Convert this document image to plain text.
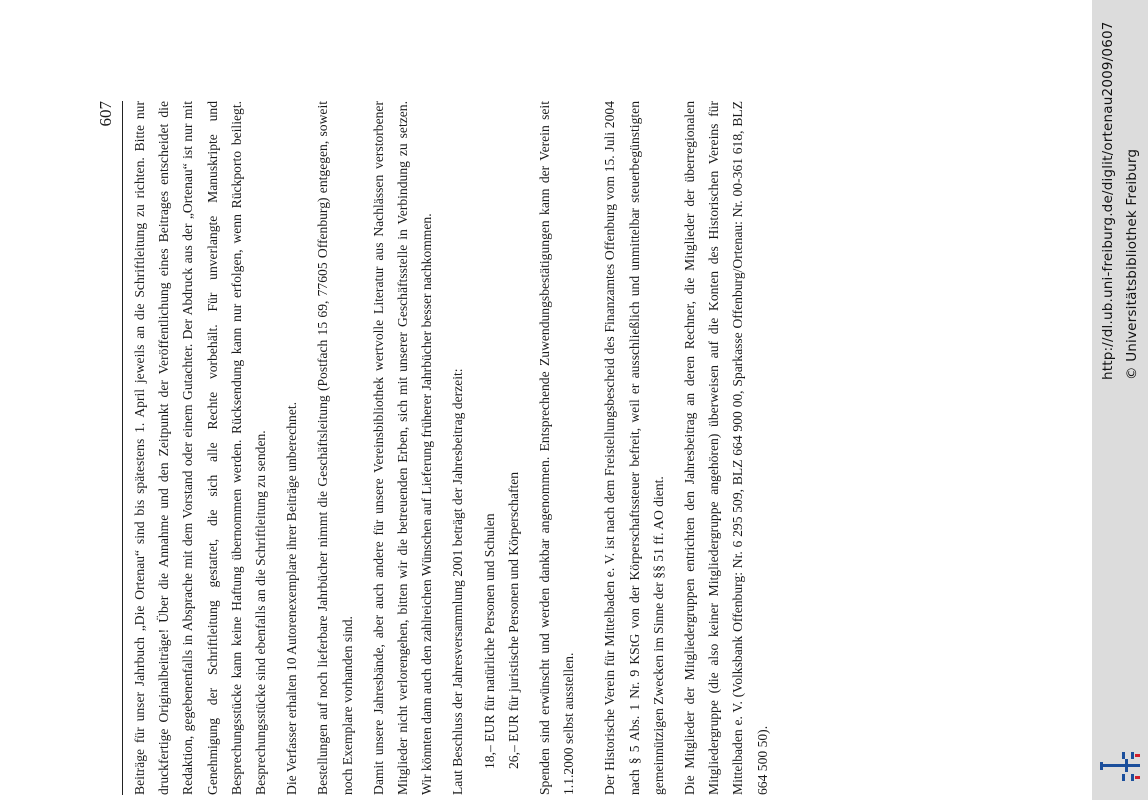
607 Beiträge für unser Jahrbuch „Die Ortenau“ sind bis spätestens 1. April jeweils an die Schriftleitung zu richten. Bitte nur druckfertige Originalbeiträge! Über die Annahme und den Zeitpunkt der Veröffentlichung eines Beitrages entscheidet die Redaktion, gegebenenfalls in Absprache mit dem Vorstand oder einem Gutachter. Der Abdruck aus der „Ortenau“ ist nur mit Genehmigung der Schriftleitung gestattet, die sich alle Rechte vorbehält. Für unverlangte Manuskripte und Besprechungsstücke kann keine Haftung übernommen werden. Rücksendung kann nur erfolgen, wenn Rückporto beiliegt. Besprechungsstücke sind ebenfalls an die Schriftleitung zu senden.	Die Verfasser erhalten 10 Autorenexemplare ihrer Beiträge unberechnet.	Bestellungen auf noch lieferbare Jahrbücher nimmt die Geschäftsleitung (Postfach 15 69, 77605 Offenburg) entgegen, soweit noch Exemplare vorhanden sind.	Damit unsere Jahresbände, aber auch andere für unsere Vereinsbibliothek wertvolle Literatur aus Nachlässen verstorbener Mitglieder nicht verlorengehen, bitten wir die betreuenden Erben, sich mit unserer Geschäftsstelle in Verbindung zu setzen. Wir könnten dann auch den zahlreichen Wünschen auf Lieferung früherer Jahrbücher besser nachkommen.	Laut Beschluss der Jahresversammlung 2001 beträgt der Jahresbeitrag derzeit:	18,– EUR für natürliche Personen und Schulen 26,– EUR für juristische Personen und Körperschaften	Spenden sind erwünscht und werden dankbar angenommen. Entsprechende Zuwendungsbestätigungen kann der Verein seit 1.1.2000 selbst ausstellen.	Der Historische Verein für Mittelbaden e. V. ist nach dem Freistellungsbescheid des Finanzamtes Offenburg vom 15. Juli 2004 nach § 5 Abs. 1 Nr. 9 KStG von der Körperschaftssteuer befreit, weil er ausschließlich und unmittelbar steuerbegünstigten gemeinnützigen Zwecken im Sinne der §§ 51 ff. AO dient.	Die Mitglieder der Mitgliedergruppen entrichten den Jahresbeitrag an deren Rechner, die Mitglieder der überregionalen Mitgliedergruppe (die also keiner Mitgliedergruppe angehören) überweisen auf die Konten des Historischen Vereins für Mittelbaden e. V. (Volksbank Offenburg: Nr. 6 295 509, BLZ 664 900 00, Sparkasse Offenburg/Ortenau: Nr. 00-361 618, BLZ 664 500 50).

http://dl.ub.uni-freiburg.de/diglit/ortenau2009/0607 © Universitätsbibliothek Freiburg
